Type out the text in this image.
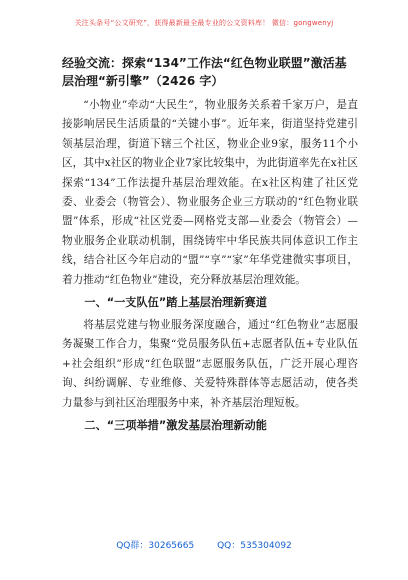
关注头条号“公文研究”，获得最新最全最专业的公文资料库！ 微信：gongwenyj
经验交流：探索“134”工作法“红色物业联盟”激活基层治理“新引擎”（2426 字）

“小物业”牵动“大民生”，物业服务关系着千家万户，是直接影响居民生活质量的“关键小事”。近年来，街道坚持党建引领基层治理，街道下辖三个社区，物业企业9家，服务11个小区，其中x社区的物业企业7家比较集中，为此街道率先在x社区探索“134”工作法提升基层治理效能。在x社区构建了社区党委、业委会（物管会）、物业服务企业三方联动的“红色物业联盟”体系，形成“社区党委—网格党支部—业委会（物管会）—物业服务企业联动机制，围绕铸牢中华民族共同体意识工作主线，结合社区今年启动的“盟”“享”“家”年华党建微实事项目，着力推动“红色物业”建设，充分释放基层治理效能。

一、“一支队伍”踏上基层治理新赛道

将基层党建与物业服务深度融合，通过“红色物业”志愿服务凝聚工作合力，集聚“党员服务队伍+志愿者队伍+专业队伍+社会组织”形成“红色联盟”志愿服务队伍，广泛开展心理咨询、纠纷调解、专业维修、关爱特殊群体等志愿活动，使各类力量参与到社区治理服务中来，补齐基层治理短板。

二、“三项举措”激发基层治理新动能
QQ群：30265665	QQ：535304092
